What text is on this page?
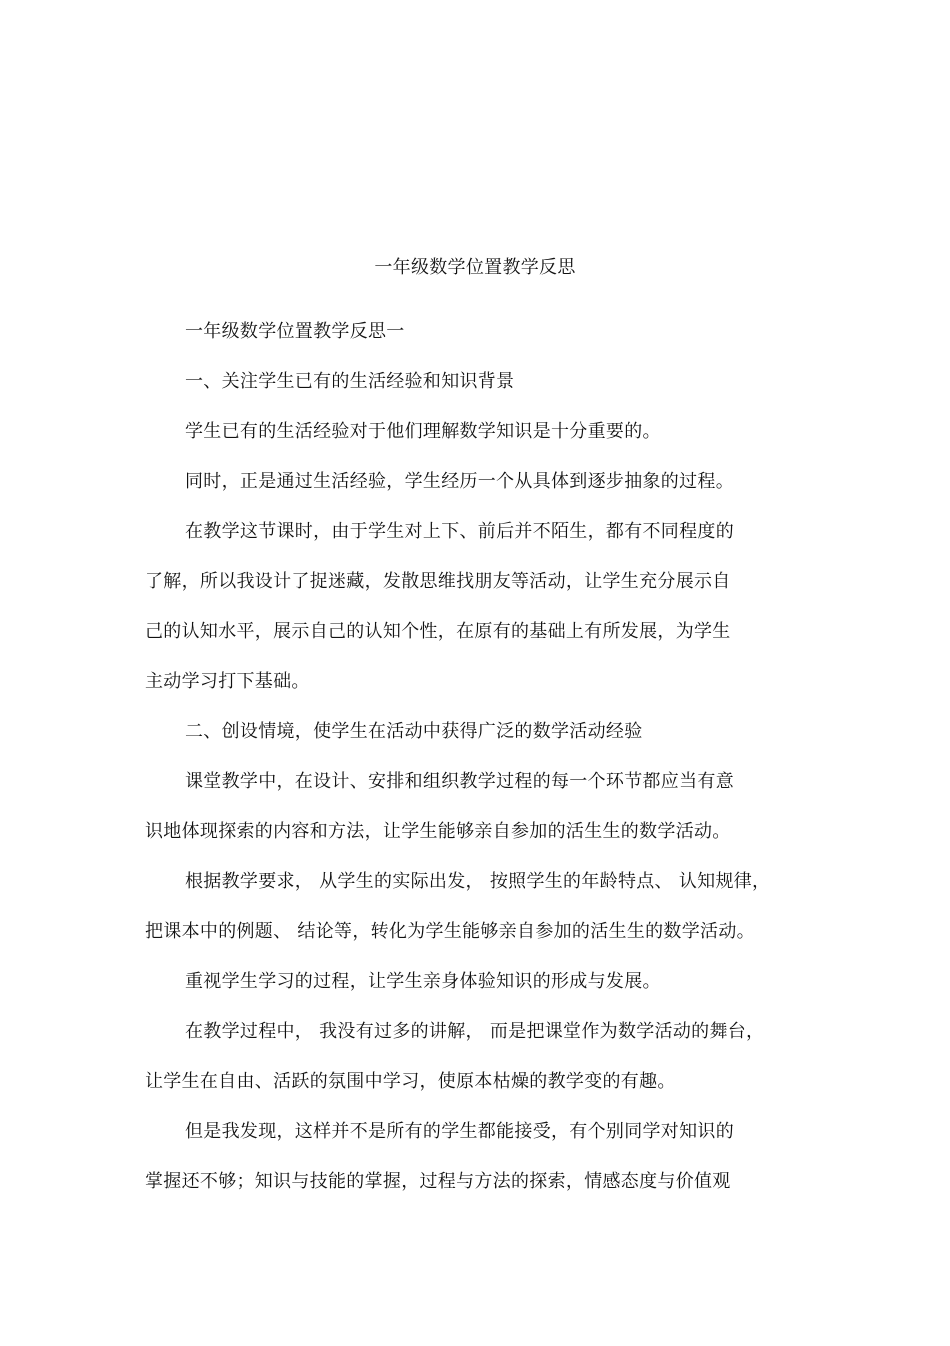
一年级数学位置教学反思

一年级数学位置教学反思一

一、关注学生已有的生活经验和知识背景

学生已有的生活经验对于他们理解数学知识是十分重要的。

同时，正是通过生活经验，学生经历一个从具体到逐步抽象的过程。

在教学这节课时，由于学生对上下、前后并不陌生，都有不同程度的

了解，所以我设计了捉迷藏，发散思维找朋友等活动，让学生充分展示自

己的认知水平，展示自己的认知个性，在原有的基础上有所发展，为学生

主动学习打下基础。

二、创设情境，使学生在活动中获得广泛的数学活动经验

课堂教学中，在设计、安排和组织教学过程的每一个环节都应当有意

识地体现探索的内容和方法，让学生能够亲自参加的活生生的数学活动。

根据教学要求， 从学生的实际出发， 按照学生的年龄特点、 认知规律，

把课本中的例题、 结论等，转化为学生能够亲自参加的活生生的数学活动。

重视学生学习的过程，让学生亲身体验知识的形成与发展。

在教学过程中， 我没有过多的讲解， 而是把课堂作为数学活动的舞台，

让学生在自由、活跃的氛围中学习，使原本枯燥的教学变的有趣。

但是我发现，这样并不是所有的学生都能接受，有个别同学对知识的

掌握还不够；知识与技能的掌握，过程与方法的探索，情感态度与价值观
